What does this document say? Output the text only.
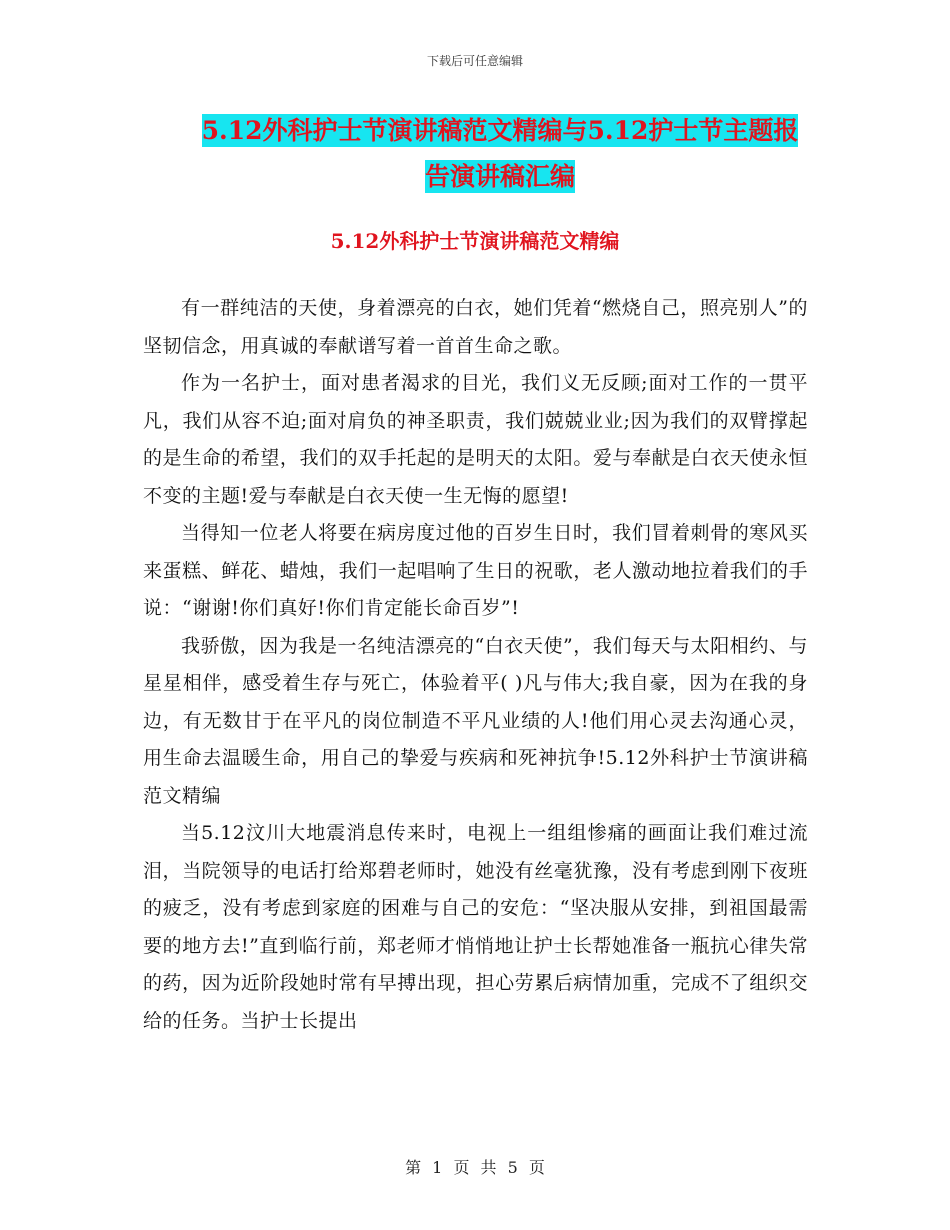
下载后可任意编辑
5.12外科护士节演讲稿范文精编与5.12护士节主题报
告演讲稿汇编
5.12外科护士节演讲稿范文精编

有一群纯洁的天使，身着漂亮的白衣，她们凭着“燃烧自己，照亮别人”的坚韧信念，用真诚的奉献谱写着一首首生命之歌。

作为一名护士，面对患者渴求的目光，我们义无反顾;面对工作的一贯平凡，我们从容不迫;面对肩负的神圣职责，我们兢兢业业;因为我们的双臂撑起的是生命的希望，我们的双手托起的是明天的太阳。爱与奉献是白衣天使永恒不变的主题!爱与奉献是白衣天使一生无悔的愿望!

当得知一位老人将要在病房度过他的百岁生日时，我们冒着刺骨的寒风买来蛋糕、鲜花、蜡烛，我们一起唱响了生日的祝歌，老人激动地拉着我们的手说：“谢谢!你们真好!你们肯定能长命百岁”!

我骄傲，因为我是一名纯洁漂亮的“白衣天使”，我们每天与太阳相约、与星星相伴，感受着生存与死亡，体验着平( )凡与伟大;我自豪，因为在我的身边，有无数甘于在平凡的岗位制造不平凡业绩的人!他们用心灵去沟通心灵，用生命去温暖生命，用自己的挚爱与疾病和死神抗争!5.12外科护士节演讲稿范文精编

当5.12汶川大地震消息传来时，电视上一组组惨痛的画面让我们难过流泪，当院领导的电话打给郑碧老师时，她没有丝毫犹豫，没有考虑到刚下夜班的疲乏，没有考虑到家庭的困难与自己的安危：“坚决服从安排，到祖国最需要的地方去!”直到临行前，郑老师才悄悄地让护士长帮她准备一瓶抗心律失常的药，因为近阶段她时常有早搏出现，担心劳累后病情加重，完成不了组织交给的任务。当护士长提出

第 1 页 共 5 页
